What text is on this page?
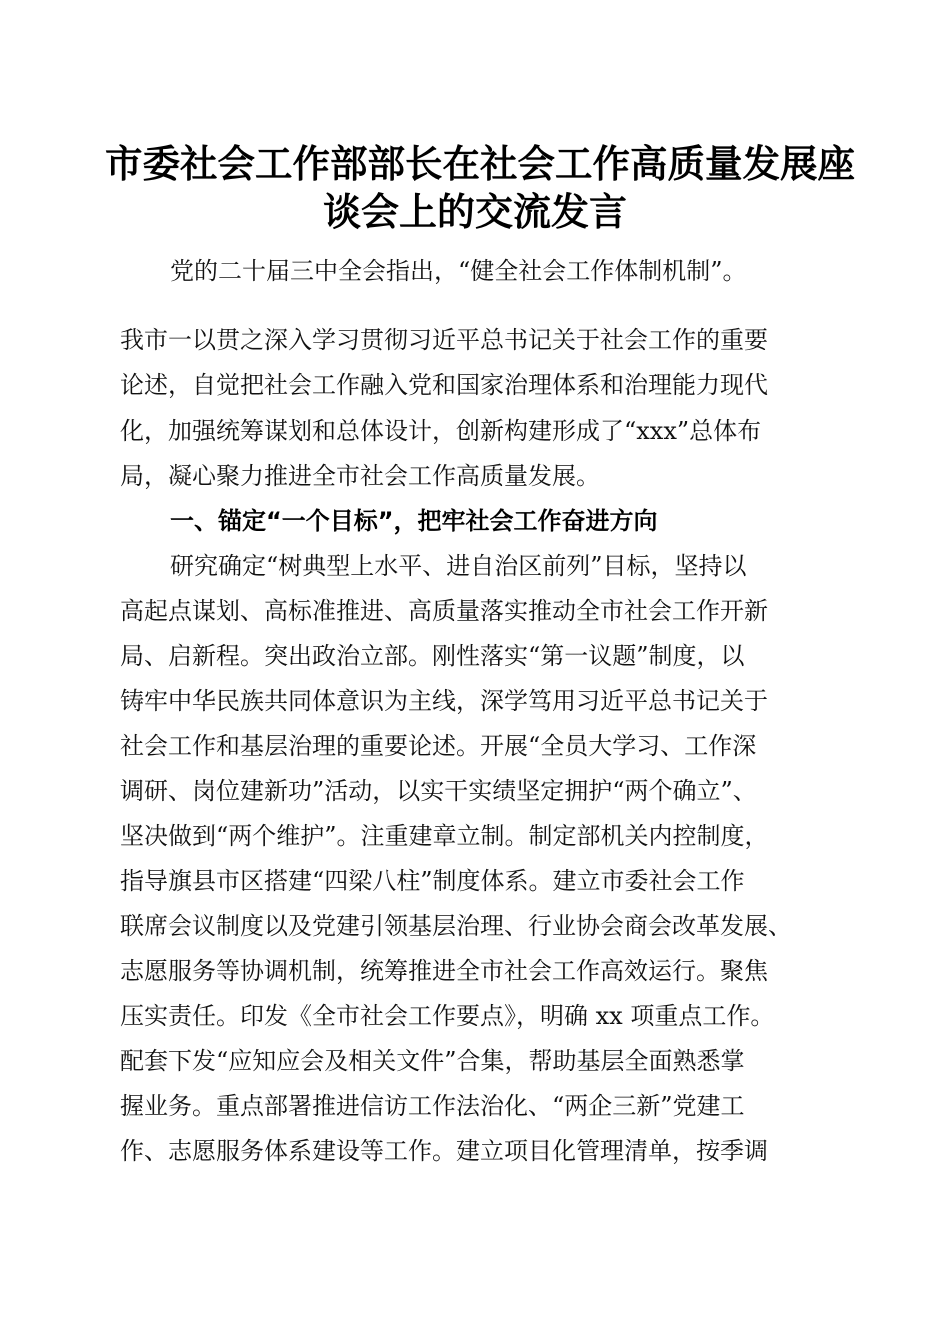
市委社会工作部部长在社会工作高质量发展座
谈会上的交流发言
党的二十届三中全会指出，“健全社会工作体制机制”。
我市一以贯之深入学习贯彻习近平总书记关于社会工作的重要
论述，自觉把社会工作融入党和国家治理体系和治理能力现代
化，加强统筹谋划和总体设计，创新构建形成了“xxx”总体布
局，凝心聚力推进全市社会工作高质量发展。
一、锚定“一个目标”，把牢社会工作奋进方向
研究确定“树典型上水平、进自治区前列”目标，坚持以
高起点谋划、高标准推进、高质量落实推动全市社会工作开新
局、启新程。突出政治立部。刚性落实“第一议题”制度，以
铸牢中华民族共同体意识为主线，深学笃用习近平总书记关于
社会工作和基层治理的重要论述。开展“全员大学习、工作深
调研、岗位建新功”活动，以实干实绩坚定拥护“两个确立”、
坚决做到“两个维护”。注重建章立制。制定部机关内控制度，
指导旗县市区搭建“四梁八柱”制度体系。建立市委社会工作
联席会议制度以及党建引领基层治理、行业协会商会改革发展、
志愿服务等协调机制，统筹推进全市社会工作高效运行。聚焦
压实责任。印发《全市社会工作要点》，明确 xx 项重点工作。
配套下发“应知应会及相关文件”合集，帮助基层全面熟悉掌
握业务。重点部署推进信访工作法治化、“两企三新”党建工
作、志愿服务体系建设等工作。建立项目化管理清单，按季调
